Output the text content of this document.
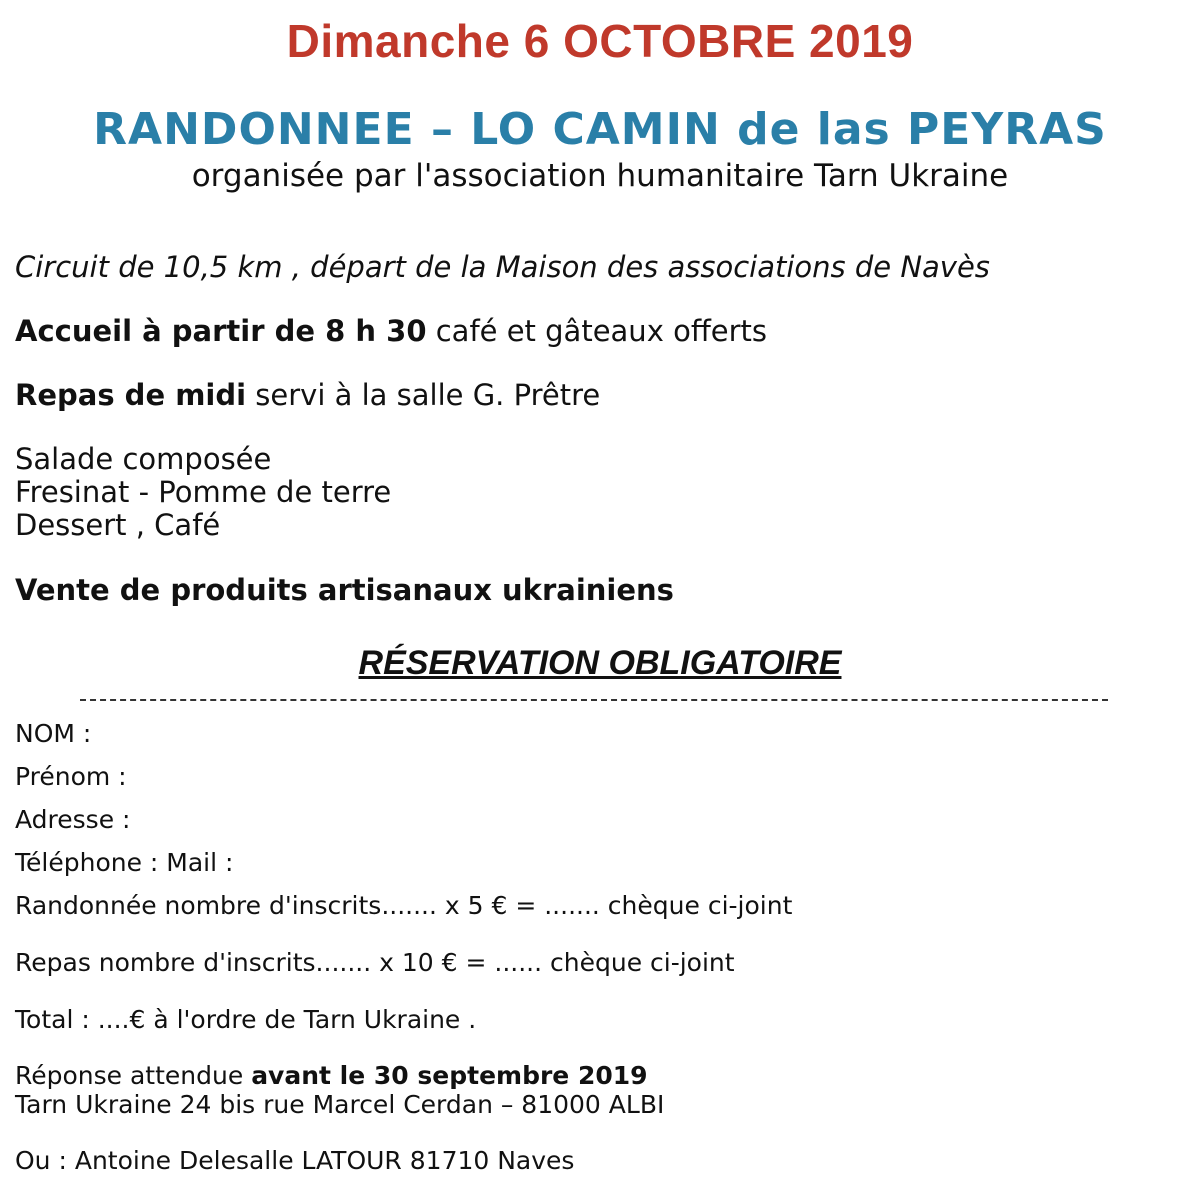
Dimanche 6 OCTOBRE 2019
RANDONNEE – LO CAMIN de las PEYRAS

organisée par l'association humanitaire Tarn Ukraine

Circuit de 10,5 km , départ de la Maison des associations de Navès

Accueil à partir de 8 h 30 café et gâteaux offerts

Repas de midi servi à la salle G. Prêtre

Salade composée
Fresinat - Pomme de terre
Dessert , Café

Vente de produits artisanaux ukrainiens

RÉSERVATION OBLIGATOIRE

NOM :

Prénom :

Adresse :

Téléphone : Mail :

Randonnée nombre d'inscrits....... x 5 € = ....... chèque ci-joint

Repas nombre d'inscrits....... x 10 € = ...... chèque ci-joint

Total : ....€ à l'ordre de Tarn Ukraine .

Réponse attendue avant le 30 septembre 2019

Tarn Ukraine 24 bis rue Marcel Cerdan – 81000 ALBI

Ou : Antoine Delesalle LATOUR 81710 Naves
